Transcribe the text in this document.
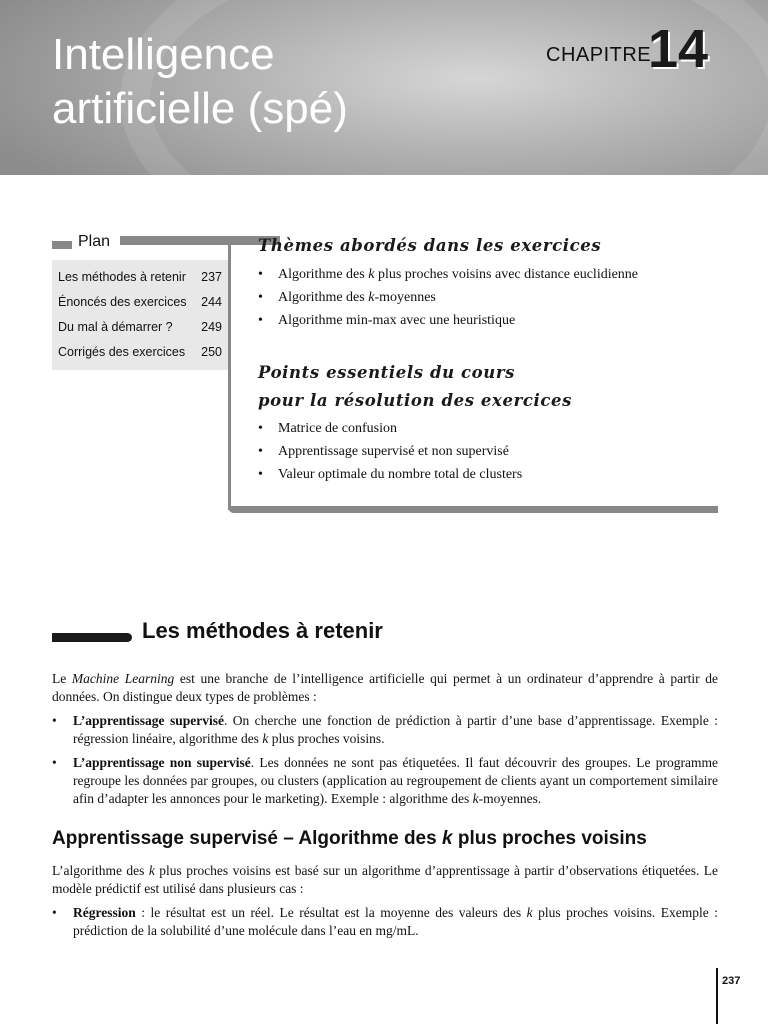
Intelligence
artificielle (spé)
CHAPITRE
14
Plan
Les méthodes à retenir 237
Énoncés des exercices 244
Du mal à démarrer ? 249
Corrigés des exercices 250
Thèmes abordés dans les exercices
• Algorithme des k plus proches voisins avec distance euclidienne
• Algorithme des k-moyennes
• Algorithme min-max avec une heuristique
Points essentiels du cours
pour la résolution des exercices
• Matrice de confusion
• Apprentissage supervisé et non supervisé
• Valeur optimale du nombre total de clusters
Les méthodes à retenir

Le Machine Learning est une branche de l’intelligence artificielle qui permet à un ordinateur d’apprendre à partir de données. On distingue deux types de problèmes :

• L’apprentissage supervisé. On cherche une fonction de prédiction à partir d’une base d’apprentissage. Exemple : régression linéaire, algorithme des k plus proches voisins.
• L’apprentissage non supervisé. Les données ne sont pas étiquetées. Il faut découvrir des groupes. Le programme regroupe les données par groupes, ou clusters (application au regroupement de clients ayant un comportement similaire afin d’adapter les annonces pour le marketing). Exemple : algorithme des k-moyennes.
Apprentissage supervisé – Algorithme des k plus proches voisins

L’algorithme des k plus proches voisins est basé sur un algorithme d’apprentissage à partir d’observations étiquetées. Le modèle prédictif est utilisé dans plusieurs cas :

• Régression : le résultat est un réel. Le résultat est la moyenne des valeurs des k plus proches voisins. Exemple : prédiction de la solubilité d’une molécule dans l’eau en mg/mL.
237
